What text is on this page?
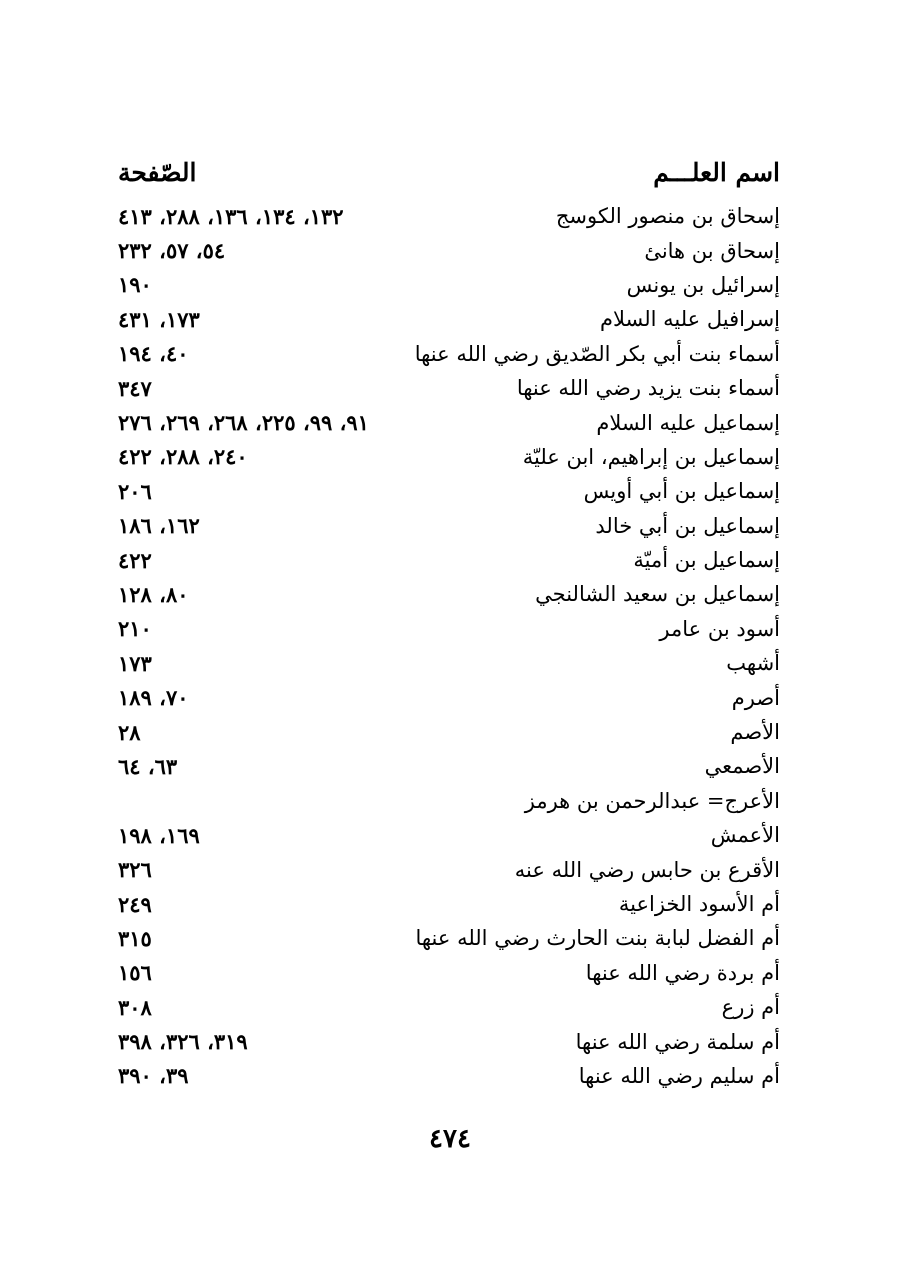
اسم العلـــم
الصّفحة
إسحاق بن منصور الكوسج
١٣٢، ١٣٤، ١٣٦، ٢٨٨، ٤١٣
إسحاق بن هانئ
٥٤، ٥٧، ٢٣٢
إسرائيل بن يونس
١٩٠
إسرافيل عليه السلام
١٧٣، ٤٣١
أسماء بنت أبي بكر الصّديق رضي الله عنها
٤٠، ١٩٤
أسماء بنت يزيد رضي الله عنها
٣٤٧
إسماعيل عليه السلام
٩١، ٩٩، ٢٢٥، ٢٦٨، ٢٦٩، ٢٧٦
إسماعيل بن إبراهيم، ابن عليّة
٢٤٠، ٢٨٨، ٤٢٢
إسماعيل بن أبي أويس
٢٠٦
إسماعيل بن أبي خالد
١٦٢، ١٨٦
إسماعيل بن أميّة
٤٢٢
إسماعيل بن سعيد الشالنجي
٨٠، ١٢٨
أسود بن عامر
٢١٠
أشهب
١٧٣
أصرم
٧٠، ١٨٩
الأصم
٢٨
الأصمعي
٦٣، ٦٤
الأعرج= عبدالرحمن بن هرمز
الأعمش
١٦٩، ١٩٨
الأقرع بن حابس رضي الله عنه
٣٢٦
أم الأسود الخزاعية
٢٤٩
أم الفضل لبابة بنت الحارث رضي الله عنها
٣١٥
أم بردة رضي الله عنها
١٥٦
أم زرع
٣٠٨
أم سلمة رضي الله عنها
٣١٩، ٣٢٦، ٣٩٨
أم سليم رضي الله عنها
٣٩، ٣٩٠
٤٧٤
